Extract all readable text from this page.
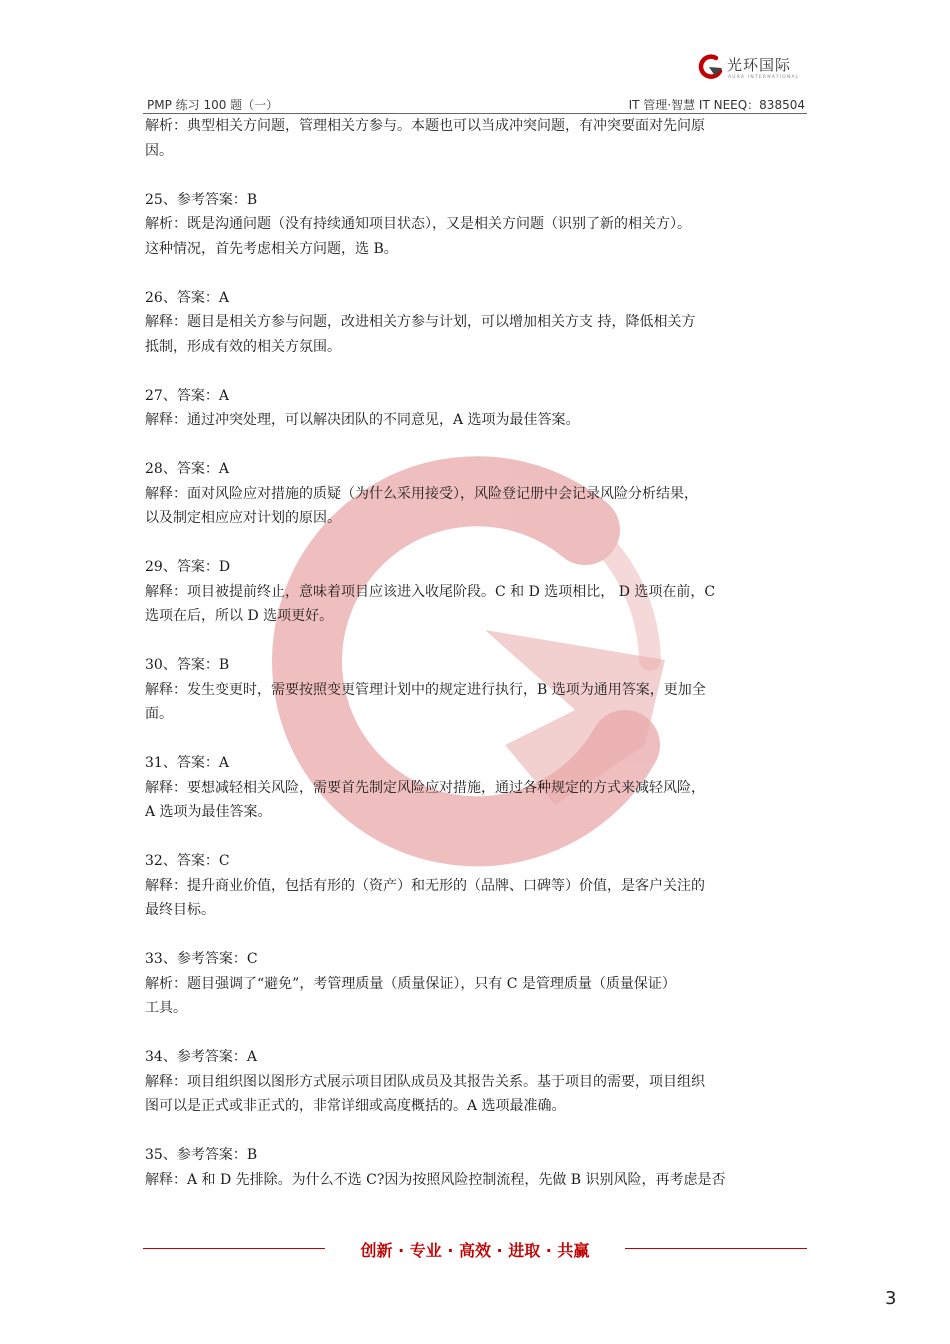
光环国际
AURA INTERNATIONAL
PMP 练习 100 题（一）	IT 管理·智慧 IT NEEQ：838504
解析：典型相关方问题，管理相关方参与。本题也可以当成冲突问题，有冲突要面对先问原
因。
25、参考答案：B
解析：既是沟通问题（没有持续通知项目状态），又是相关方问题（识别了新的相关方）。
这种情况，首先考虑相关方问题，选 B。
26、答案：A
解释：题目是相关方参与问题，改进相关方参与计划，可以增加相关方支 持，降低相关方
抵制，形成有效的相关方氛围。
27、答案：A
解释：通过冲突处理，可以解决团队的不同意见，A 选项为最佳答案。
28、答案：A
解释：面对风险应对措施的质疑（为什么采用接受），风险登记册中会记录风险分析结果，
以及制定相应应对计划的原因。
29、答案：D
解释：项目被提前终止，意味着项目应该进入收尾阶段。C 和 D 选项相比， D 选项在前，C
选项在后，所以 D 选项更好。
30、答案：B
解释：发生变更时，需要按照变更管理计划中的规定进行执行，B 选项为通用答案，更加全
面。
31、答案：A
解释：要想减轻相关风险，需要首先制定风险应对措施，通过各种规定的方式来减轻风险，
A 选项为最佳答案。
32、答案：C
解释：提升商业价值，包括有形的（资产）和无形的（品牌、口碑等）价值，是客户关注的
最终目标。
33、参考答案：C
解析：题目强调了“避免”，考管理质量（质量保证），只有 C 是管理质量（质量保证）
工具。
34、参考答案：A
解释：项目组织图以图形方式展示项目团队成员及其报告关系。基于项目的需要，项目组织
图可以是正式或非正式的，非常详细或高度概括的。A 选项最准确。
35、参考答案：B
解释：A 和 D 先排除。为什么不选 C?因为按照风险控制流程，先做 B 识别风险，再考虑是否
创新 · 专业 · 高效 · 进取 · 共赢
3
